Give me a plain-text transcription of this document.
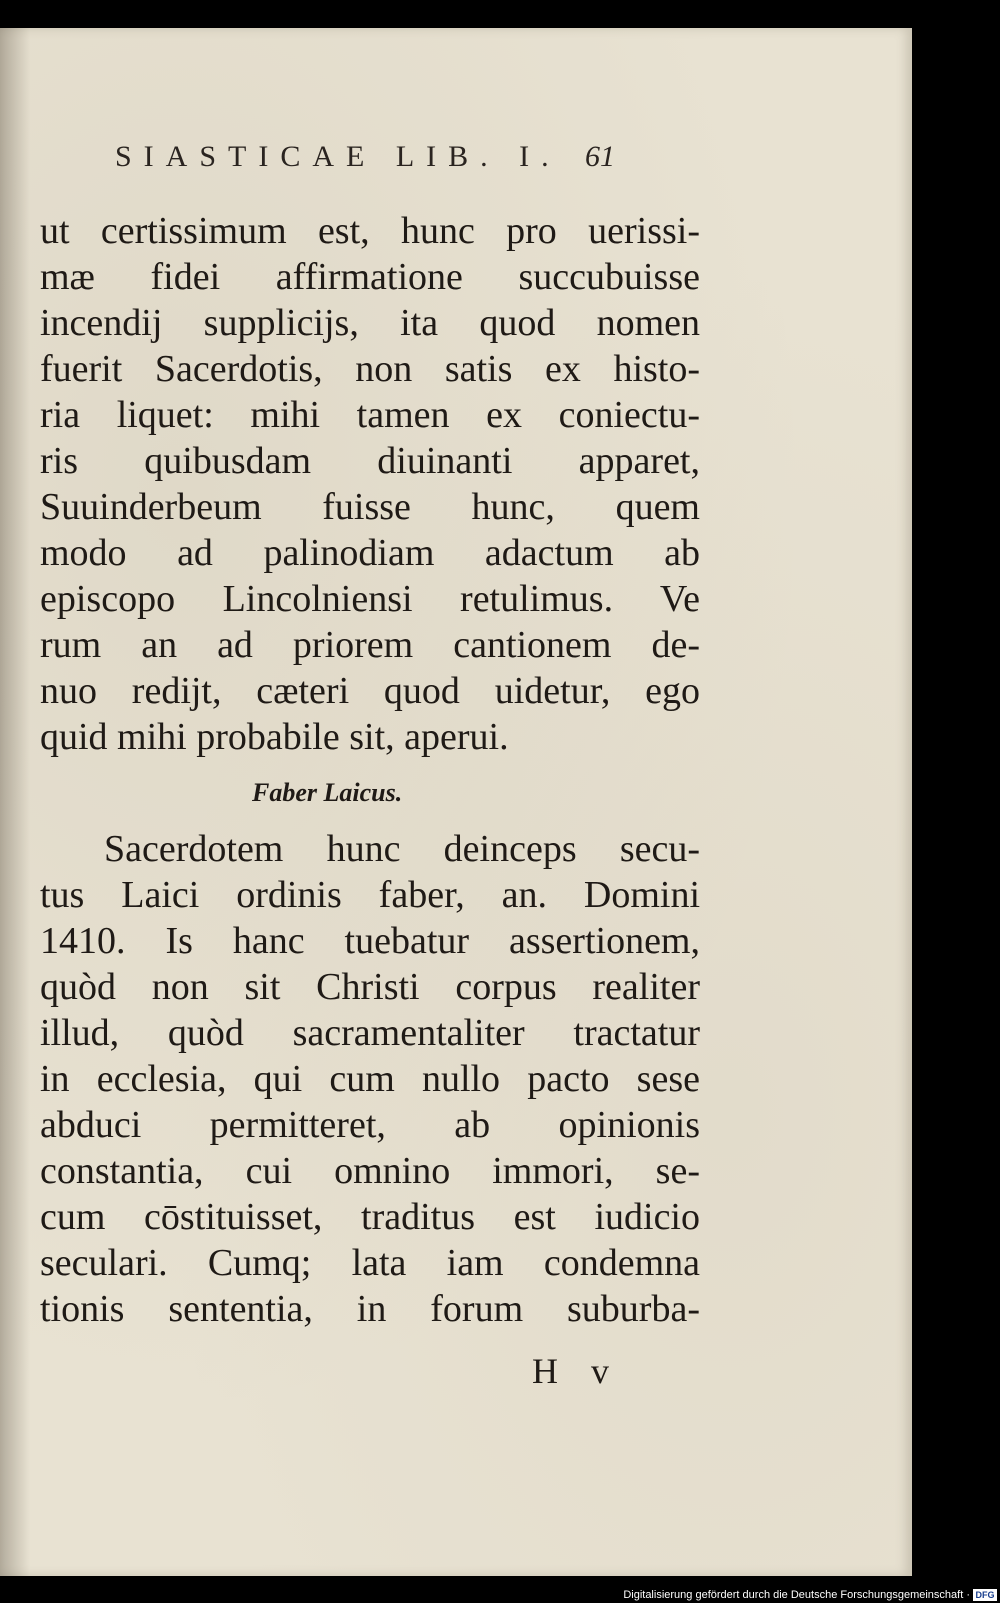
SIASTICAE LIB. I. 61
ut certissimum est, hunc pro uerissi-
mæ fidei affirmatione succubuisse
incendij supplicijs, ita quod nomen
fuerit Sacerdotis, non satis ex histo-
ria liquet: mihi tamen ex coniectu-
ris quibusdam diuinanti apparet,
Suuinderbeum fuisse hunc, quem
modo ad palinodiam adactum ab
episcopo Lincolniensi retulimus. Ve
rum an ad priorem cantionem de-
nuo redijt, cæteri quod uidetur, ego
quid mihi probabile sit, aperui.
Faber Laicus.
Sacerdotem hunc deinceps secu-
tus Laici ordinis faber, an. Domini
1410. Is hanc tuebatur assertionem,
quòd non sit Christi corpus realiter
illud, quòd sacramentaliter tractatur
in ecclesia, qui cum nullo pacto sese
abduci permitteret, ab opinionis
constantia, cui omnino immori, se-
cum cōstituisset, traditus est iudicio
seculari. Cumq; lata iam condemna
tionis sententia, in forum suburba-
H v
Digitalisierung gefördert durch die Deutsche Forschungsgemeinschaft · DFG
